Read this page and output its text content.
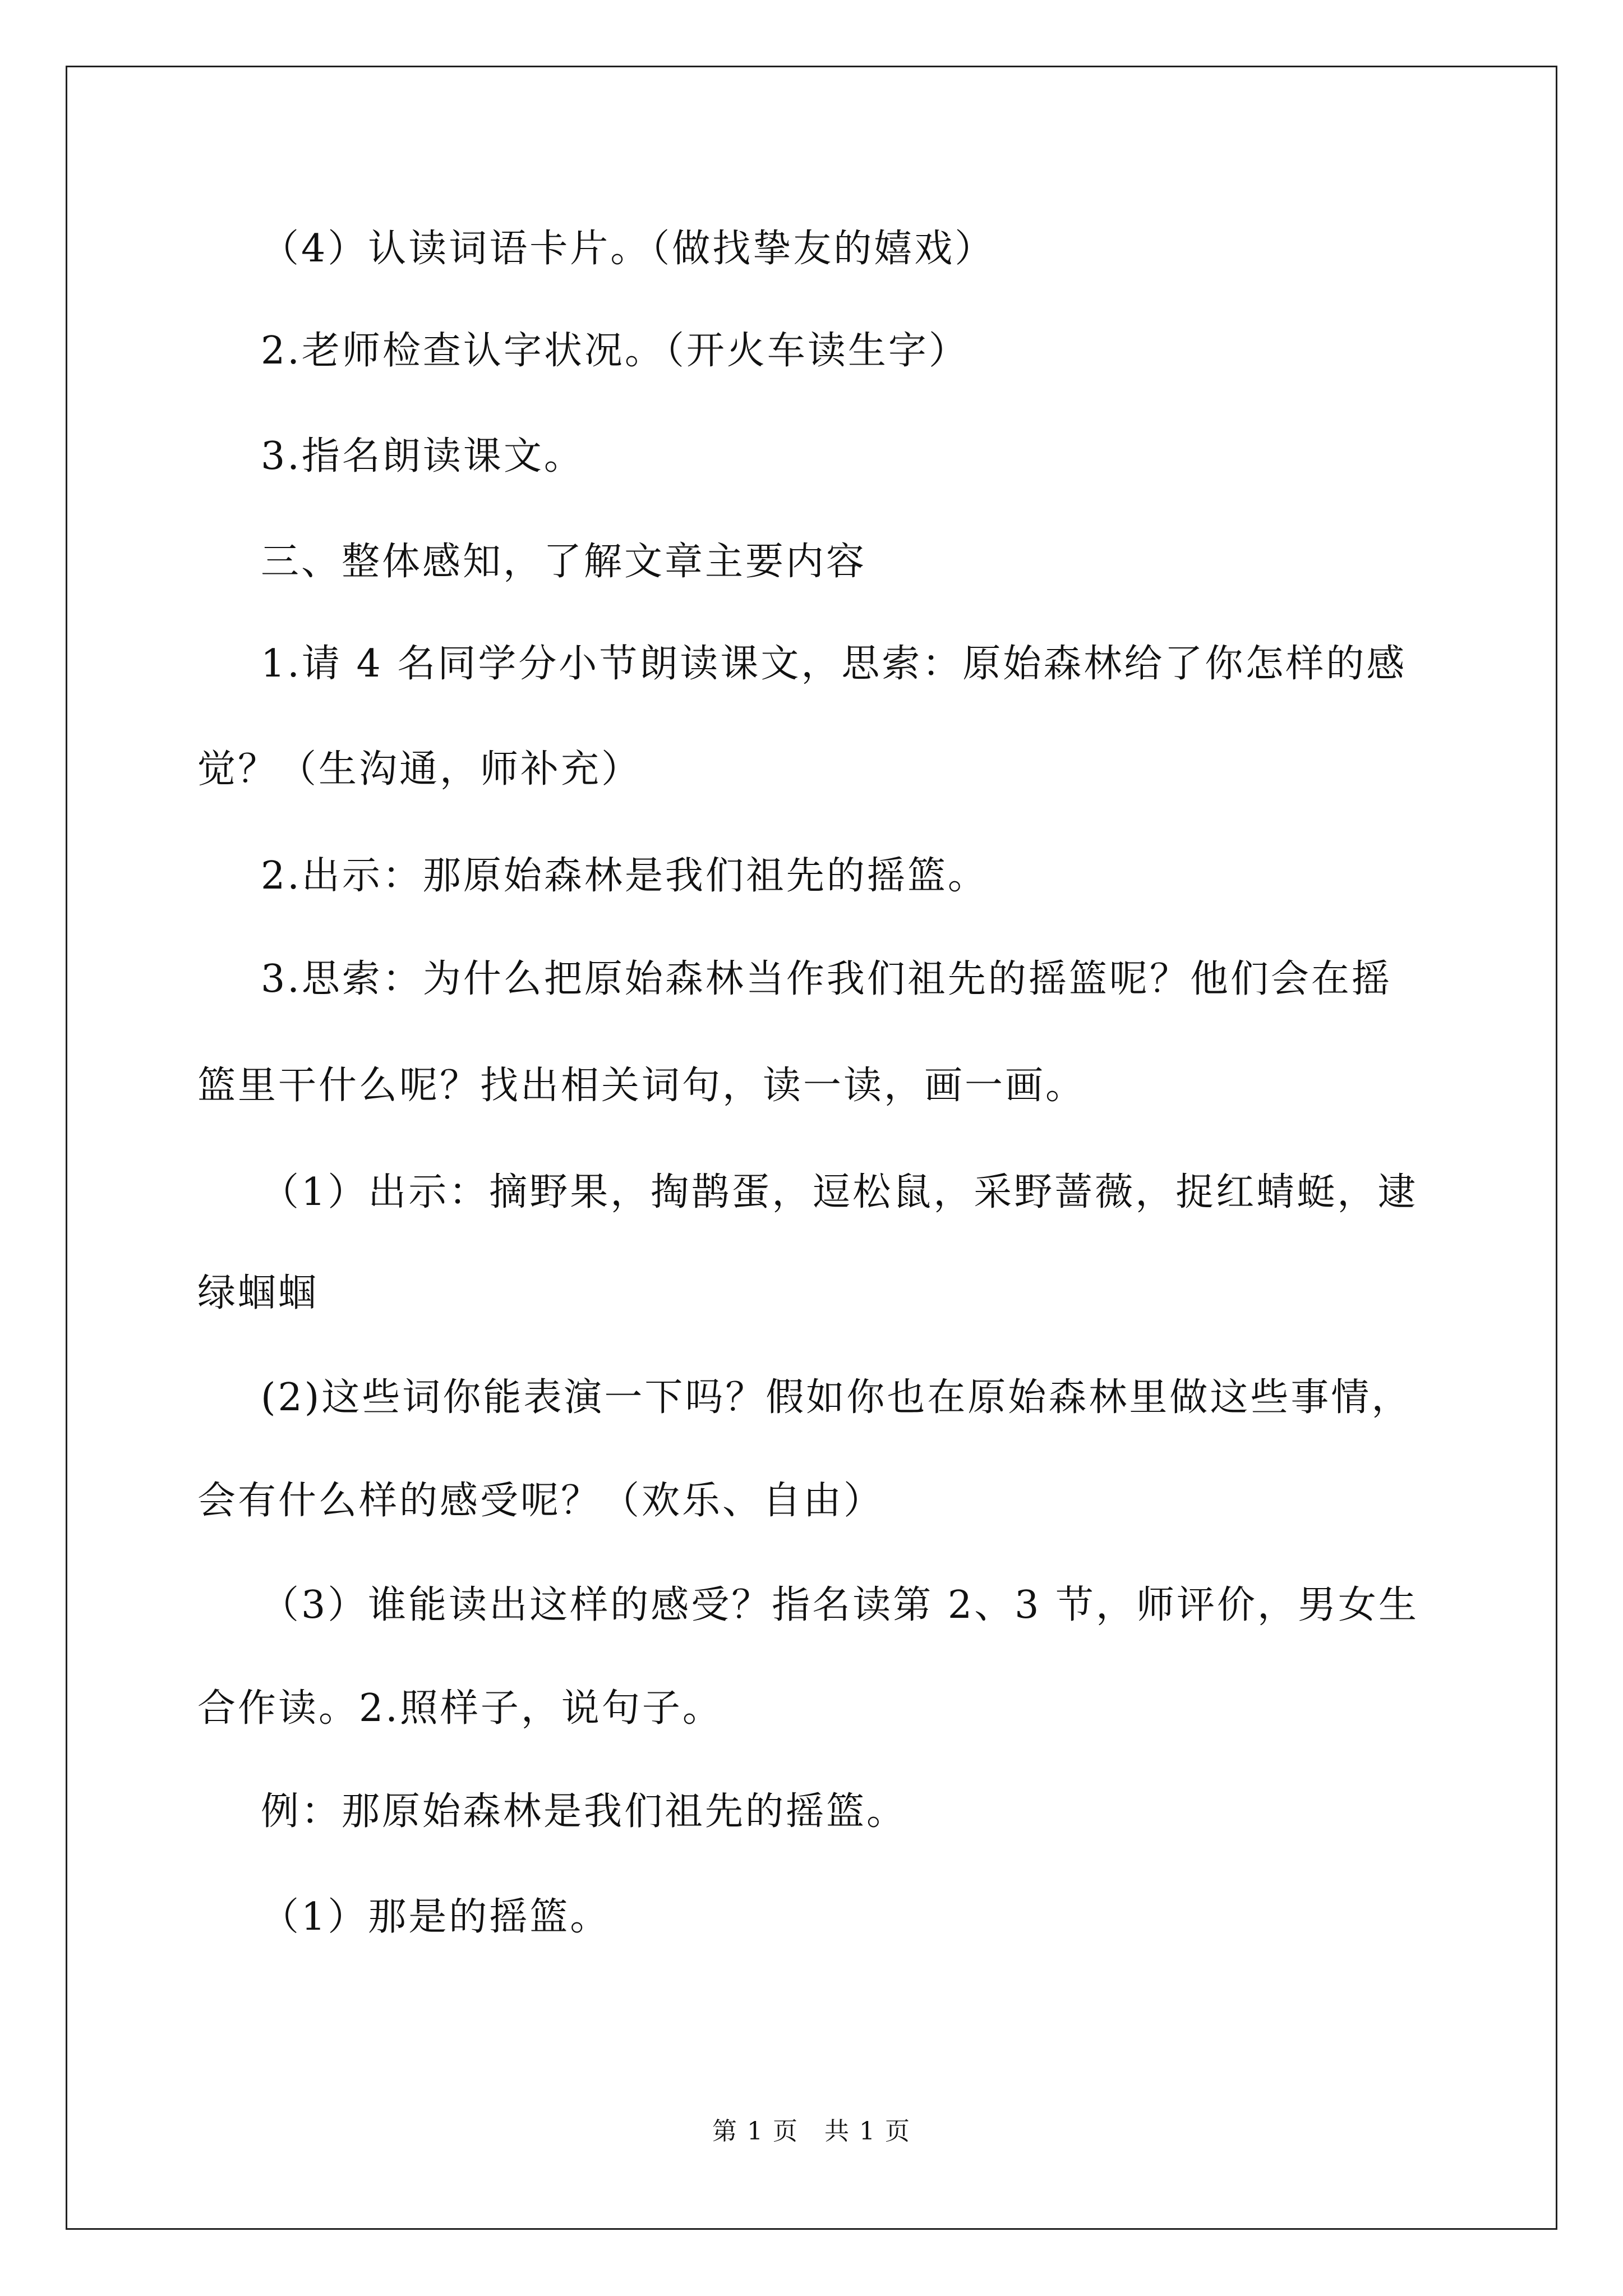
（4）认读词语卡片。（做找挚友的嬉戏）
2.老师检查认字状况。（开火车读生字）
3.指名朗读课文。
三、整体感知，了解文章主要内容
1.请 4 名同学分小节朗读课文，思索：原始森林给了你怎样的感
觉？（生沟通，师补充）
2.出示：那原始森林是我们祖先的摇篮。
3.思索：为什么把原始森林当作我们祖先的摇篮呢？他们会在摇
篮里干什么呢？找出相关词句，读一读，画一画。
（1）出示：摘野果，掏鹊蛋，逗松鼠，采野蔷薇，捉红蜻蜓，逮
绿蝈蝈
(2)这些词你能表演一下吗？假如你也在原始森林里做这些事情，
会有什么样的感受呢？（欢乐、自由）
（3）谁能读出这样的感受？指名读第 2、3 节，师评价，男女生
合作读。2.照样子，说句子。
例：那原始森林是我们祖先的摇篮。
（1）那是的摇篮。
第 1 页　共 1 页
